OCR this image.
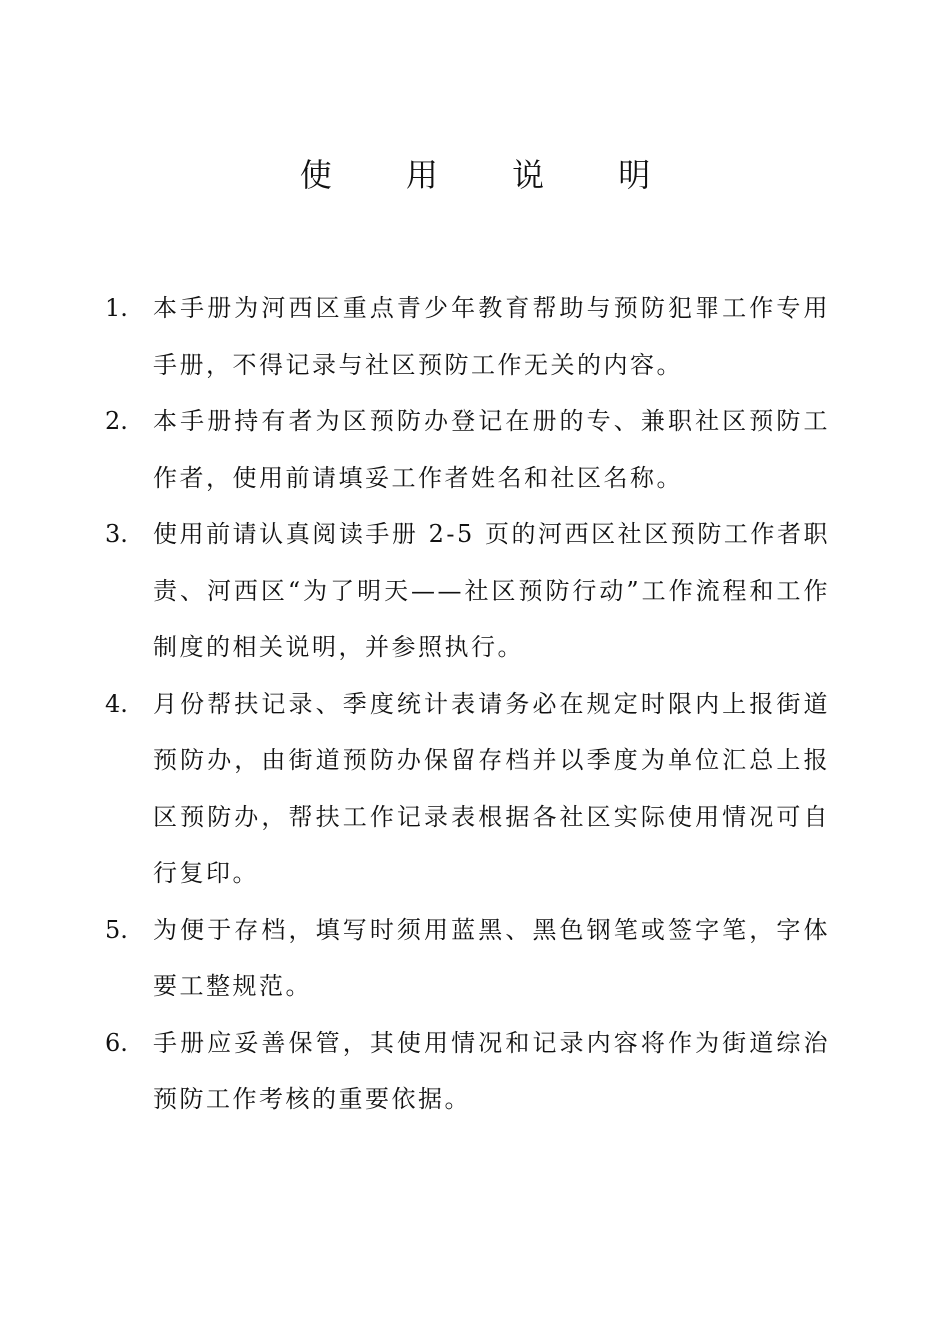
使 用 说 明
1. 本手册为河西区重点青少年教育帮助与预防犯罪工作专用手册，不得记录与社区预防工作无关的内容。
2. 本手册持有者为区预防办登记在册的专、兼职社区预防工作者，使用前请填妥工作者姓名和社区名称。
3. 使用前请认真阅读手册 2-5 页的河西区社区预防工作者职责、河西区“为了明天——社区预防行动”工作流程和工作制度的相关说明，并参照执行。
4. 月份帮扶记录、季度统计表请务必在规定时限内上报街道预防办，由街道预防办保留存档并以季度为单位汇总上报区预防办，帮扶工作记录表根据各社区实际使用情况可自行复印。
5. 为便于存档，填写时须用蓝黑、黑色钢笔或签字笔，字体要工整规范。
6. 手册应妥善保管，其使用情况和记录内容将作为街道综治预防工作考核的重要依据。
